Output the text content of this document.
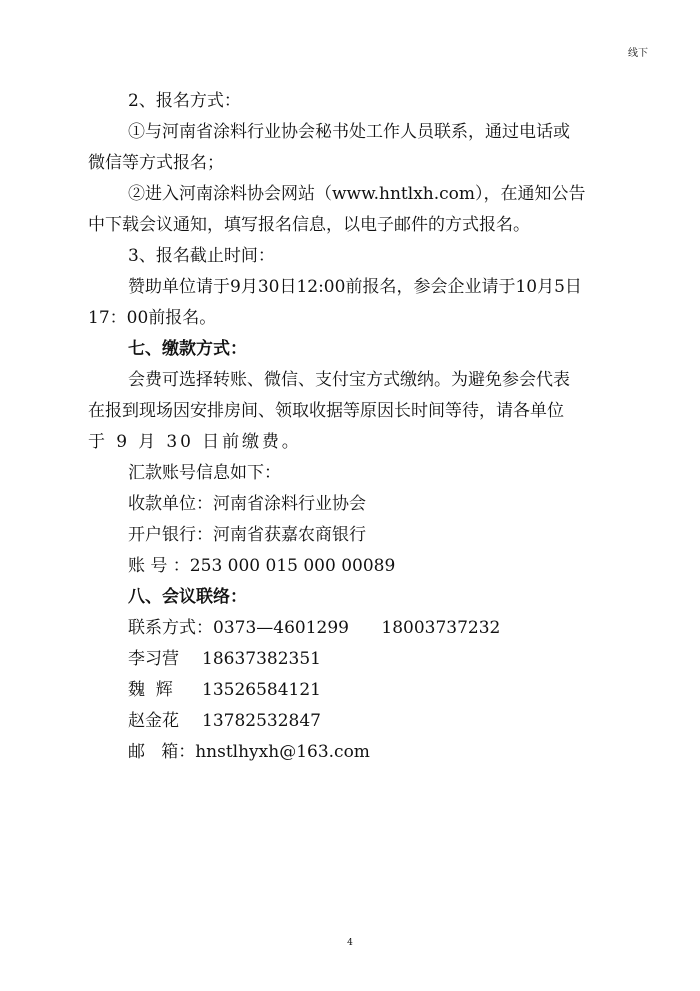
线下
2、报名方式：
①与河南省涂料行业协会秘书处工作人员联系，通过电话或
微信等方式报名；
②进入河南涂料协会网站（www.hntlxh.com），在通知公告
中下载会议通知，填写报名信息，以电子邮件的方式报名。
3、报名截止时间：
赞助单位请于9月30日12:00前报名，参会企业请于10月5日
17：00前报名。
七、缴款方式：
会费可选择转账、微信、支付宝方式缴纳。为避免参会代表
在报到现场因安排房间、领取收据等原因长时间等待，请各单位
于 9 月 30 日前缴费。
汇款账号信息如下：
收款单位：河南省涂料行业协会
开户银行：河南省获嘉农商银行
账 号 ：253 000 015 000 00089
八、会议联络：
联系方式：0373—4601299      18003737232
李习营	18637382351
魏  辉	13526584121
赵金花	13782532847
邮   箱：hnstlhyxh@163.com
4
